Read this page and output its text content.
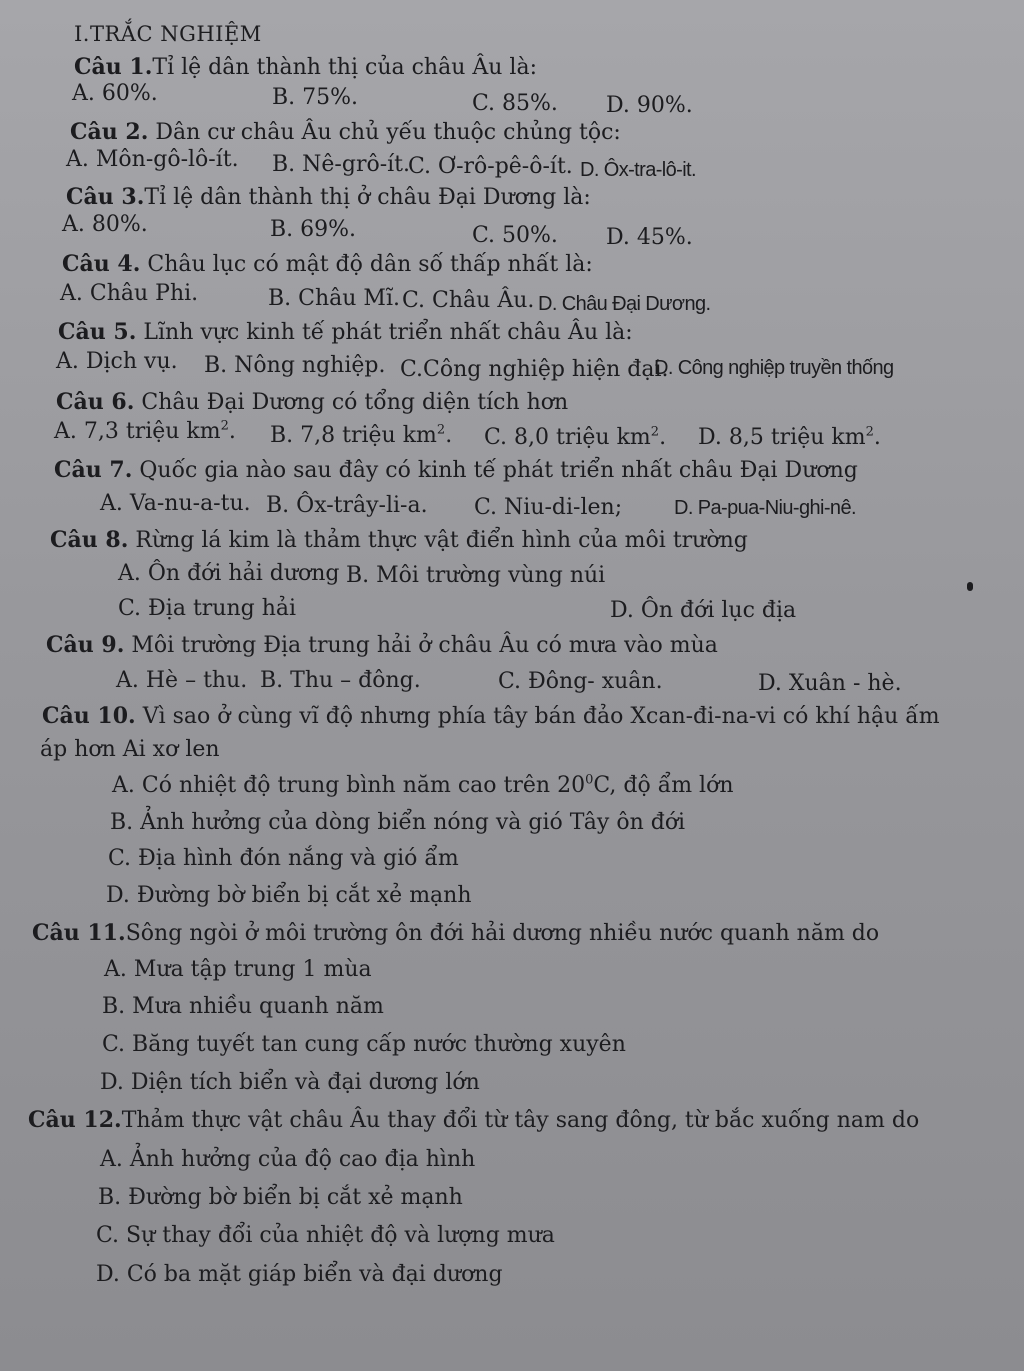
I.TRẮC NGHIỆM
Câu 1.Tỉ lệ dân thành thị của châu Âu là:
A. 60%.	B. 75%.	C. 85%. D. 90%.
Câu 2. Dân cư châu Âu chủ yếu thuộc chủng tộc:
A. Môn-gô-lô-ít. B. Nê-grô-ít.
C. Ơ-rô-pê-ô-ít. D. Ôx-tra-lô-it.
Câu 3.Tỉ lệ dân thành thị ở châu Đại Dương là:
A. 80%.	B. 69%.	C. 50%. D. 45%.
Câu 4. Châu lục có mật độ dân số thấp nhất là:
A. Châu Phi.	B. Châu Mĩ. C. Châu Âu. D. Châu Đại Dương.
Câu 5. Lĩnh vực kinh tế phát triển nhất châu Âu là:
A. Dịch vụ. B. Nông nghiệp. C.Công nghiệp hiện đại.
D. Công nghiệp truyền thống
Câu 6. Châu Đại Dương có tổng diện tích hơn
A. 7,3 triệu $km^2$. B. 7,8 triệu $km^2$. C. 8,0 triệu $km^2$. D. 8,5 triệu $km^2$.
Câu 7. Quốc gia nào sau đây có kinh tế phát triển nhất châu Đại Dương
A. Va-nu-a-tu. B. Ôx-trây-li-a. C. Niu-di-len;	D. Pa-pua-Niu-ghi-nê.
Câu 8. Rừng lá kim là thảm thực vật điển hình của môi trường
A. Ôn đới hải dương B. Môi trường vùng núi
C. Địa trung hải	D. Ôn đới lục địa
Câu 9. Môi trường Địa trung hải ở châu Âu có mưa vào mùa
A. Hè – thu. B. Thu – đông.	C. Đông- xuân.	D. Xuân - hè.
Câu 10. Vì sao ở cùng vĩ độ nhưng phía tây bán đảo Xcan-đi-na-vi có khí hậu ấm
áp hơn Ai xơ len
A. Có nhiệt độ trung bình năm cao trên $20^0C$, độ ẩm lớn
B. Ảnh hưởng của dòng biển nóng và gió Tây ôn đới
C. Địa hình đón nắng và gió ẩm
D. Đường bờ biển bị cắt xẻ mạnh
Câu 11.Sông ngòi ở môi trường ôn đới hải dương nhiều nước quanh năm do
A. Mưa tập trung 1 mùa
B. Mưa nhiều quanh năm
C. Băng tuyết tan cung cấp nước thường xuyên
D. Diện tích biển và đại dương lớn
Câu 12.Thảm thực vật châu Âu thay đổi từ tây sang đông, từ bắc xuống nam do
A. Ảnh hưởng của độ cao địa hình
B. Đường bờ biển bị cắt xẻ mạnh
C. Sự thay đổi của nhiệt độ và lượng mưa
D. Có ba mặt giáp biển và đại dương
